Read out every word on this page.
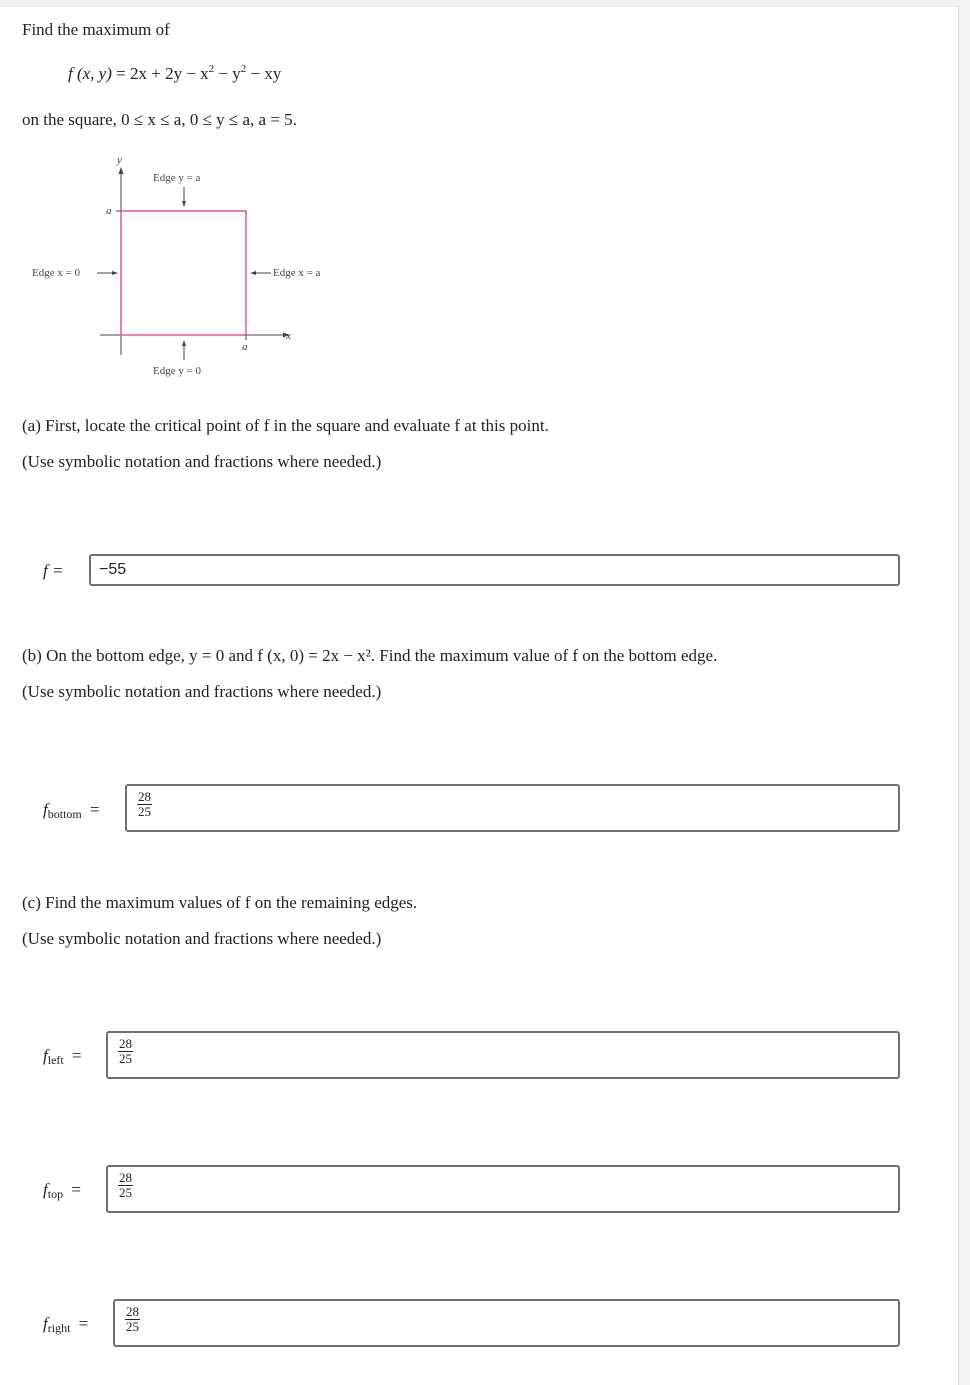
Find the maximum of
f (x, $y) = 2x + 2y - x^2 - y^2$ − xy
on the square, 0 ≤ x ≤ a, 0 ≤ y ≤ a, a = 5.
y
x
a
a
Edge y = a
Edge y = 0
Edge x = 0	Edge x = a
(a) First, locate the critical point of f in the square and evaluate f at this point.
(Use symbolic notation and fractions where needed.)
f = −55
(b) On the bottom edge, y = 0 and f (x, 0) = 2x − x². Find the maximum value of f on the bottom edge.
(Use symbolic notation and fractions where needed.)
$f_{bottom}$ =	$\frac{28}{25}$
(c) Find the maximum values of f on the remaining edges.
(Use symbolic notation and fractions where needed.)
$f_{left}$ =	$\frac{28}{25}$
$f_{top}$ =	$\frac{28}{25}$
$f_{right}$ =	$\frac{28}{25}$
